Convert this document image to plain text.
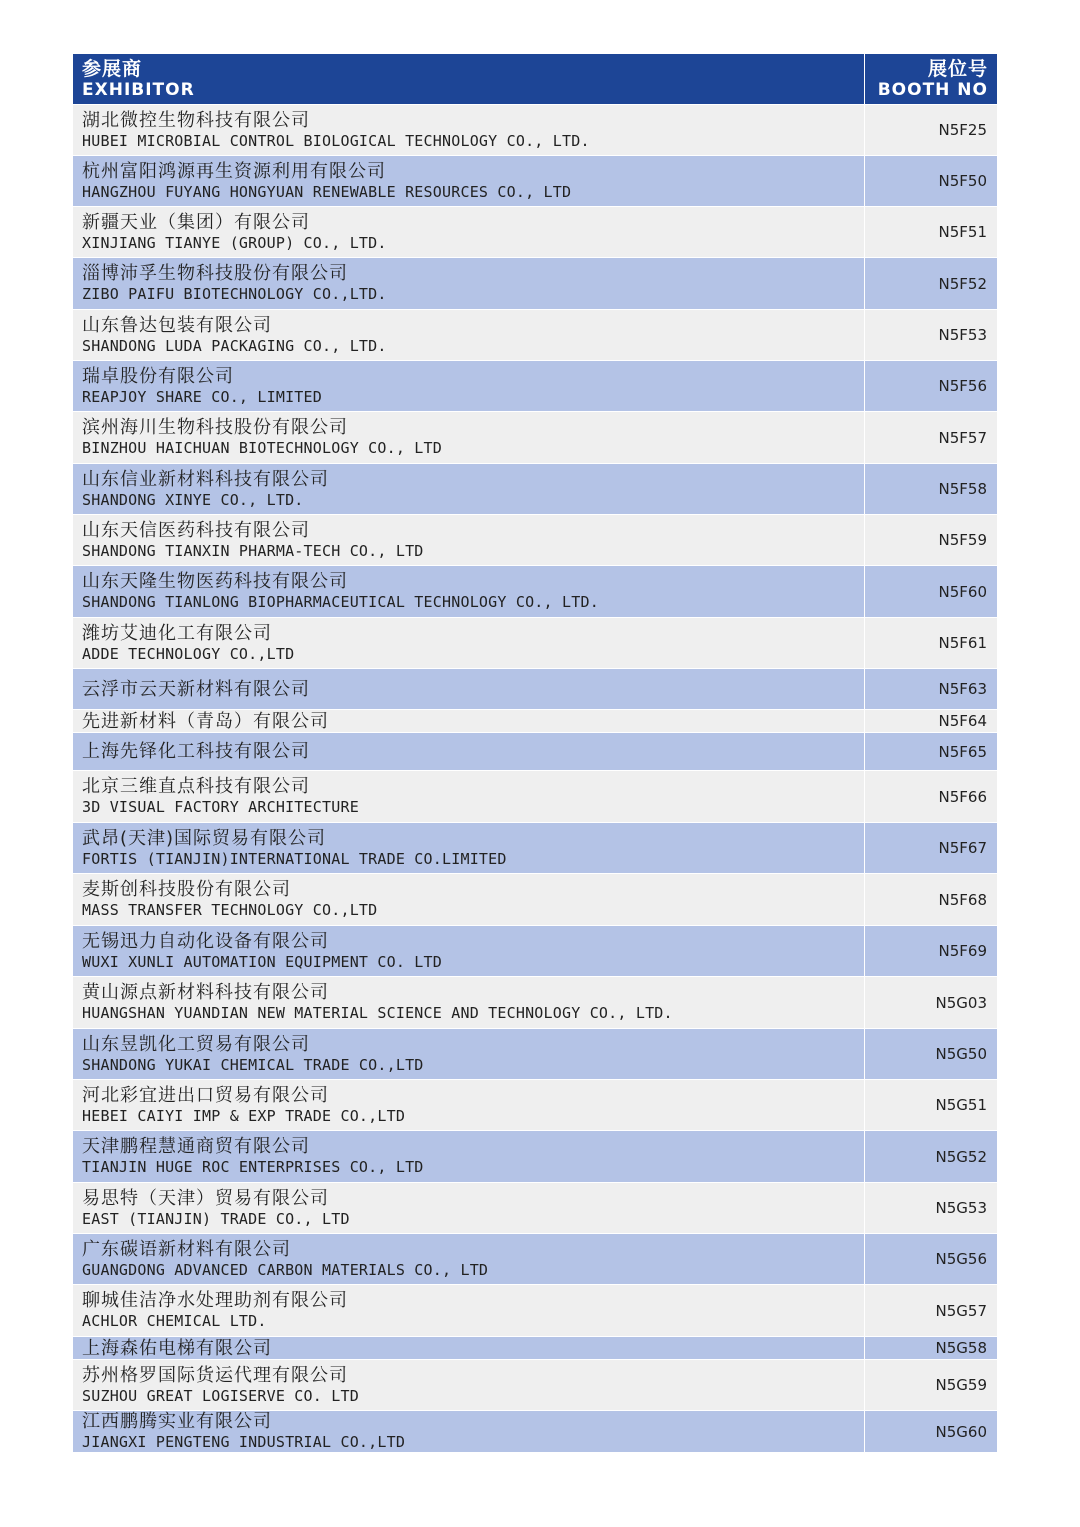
参展商
EXHIBITOR	展位号
BOOTH NO

湖北微控生物科技有限公司
HUBEI MICROBIAL CONTROL BIOLOGICAL TECHNOLOGY CO., LTD.	N5F25

杭州富阳鸿源再生资源利用有限公司
HANGZHOU FUYANG HONGYUAN RENEWABLE RESOURCES CO., LTD	N5F50

新疆天业（集团）有限公司
XINJIANG TIANYE (GROUP) CO., LTD.	N5F51

淄博沛孚生物科技股份有限公司
ZIBO PAIFU BIOTECHNOLOGY CO.,LTD.	N5F52

山东鲁达包装有限公司
SHANDONG LUDA PACKAGING CO., LTD.	N5F53

瑞卓股份有限公司
REAPJOY SHARE CO., LIMITED	N5F56

滨州海川生物科技股份有限公司
BINZHOU HAICHUAN BIOTECHNOLOGY CO., LTD	N5F57

山东信业新材料科技有限公司
SHANDONG XINYE CO., LTD.	N5F58

山东天信医药科技有限公司
SHANDONG TIANXIN PHARMA-TECH CO., LTD	N5F59

山东天隆生物医药科技有限公司
SHANDONG TIANLONG BIOPHARMACEUTICAL TECHNOLOGY CO., LTD.	N5F60

潍坊艾迪化工有限公司
ADDE TECHNOLOGY CO.,LTD	N5F61

云浮市云天新材料有限公司	N5F63

先进新材料（青岛）有限公司	N5F64

上海先铎化工科技有限公司	N5F65

北京三维直点科技有限公司
3D VISUAL FACTORY ARCHITECTURE	N5F66

武昂(天津)国际贸易有限公司
FORTIS (TIANJIN)INTERNATIONAL TRADE CO.LIMITED	N5F67

麦斯创科技股份有限公司
MASS TRANSFER TECHNOLOGY CO.,LTD	N5F68

无锡迅力自动化设备有限公司
WUXI XUNLI AUTOMATION EQUIPMENT CO. LTD	N5F69

黄山源点新材料科技有限公司
HUANGSHAN YUANDIAN NEW MATERIAL SCIENCE AND TECHNOLOGY CO., LTD.	N5G03

山东昱凯化工贸易有限公司
SHANDONG YUKAI CHEMICAL TRADE CO.,LTD	N5G50

河北彩宜进出口贸易有限公司
HEBEI CAIYI IMP & EXP TRADE CO.,LTD	N5G51

天津鹏程慧通商贸有限公司
TIANJIN HUGE ROC ENTERPRISES CO., LTD	N5G52

易思特（天津）贸易有限公司
EAST (TIANJIN) TRADE CO., LTD	N5G53

广东碳语新材料有限公司
GUANGDONG ADVANCED CARBON MATERIALS CO., LTD	N5G56

聊城佳洁净水处理助剂有限公司
ACHLOR CHEMICAL LTD.	N5G57

上海森佑电梯有限公司	N5G58

苏州格罗国际货运代理有限公司
SUZHOU GREAT LOGISERVE CO. LTD	N5G59

江西鹏腾实业有限公司
JIANGXI PENGTENG INDUSTRIAL CO.,LTD	N5G60
